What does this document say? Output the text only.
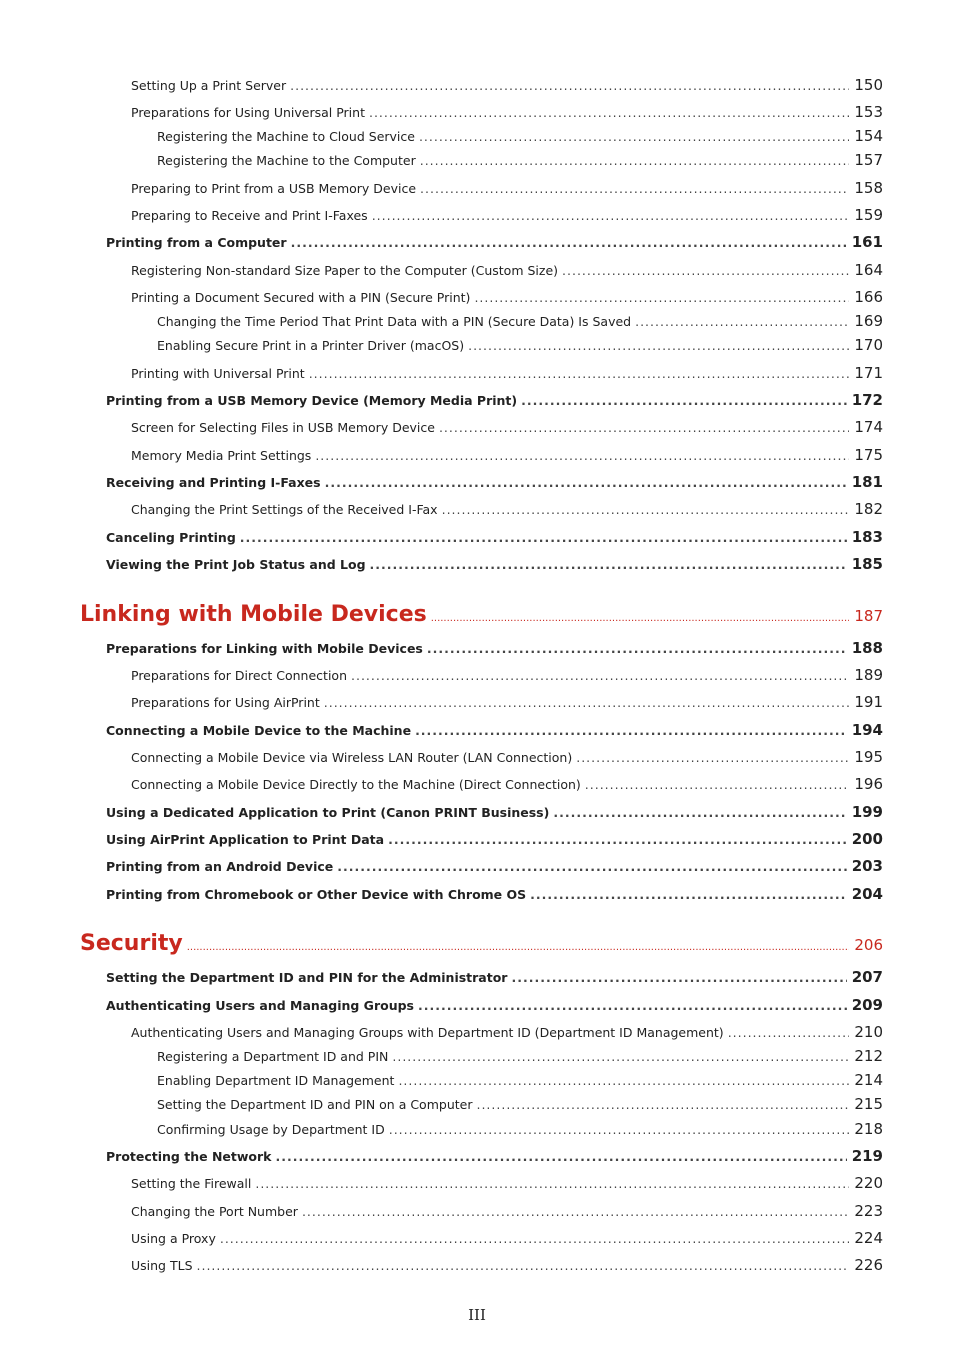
Setting Up a Print Server .....	150
Preparations for Using Universal Print .....	153
Registering the Machine to Cloud Service .....	154
Registering the Machine to the Computer .....	157
Preparing to Print from a USB Memory Device .....	158
Preparing to Receive and Print I-Faxes .....	159
Printing from a Computer .....	161
Registering Non-standard Size Paper to the Computer (Custom Size) .....	164
Printing a Document Secured with a PIN (Secure Print) .....	166
Changing the Time Period That Print Data with a PIN (Secure Data) Is Saved .....	169
Enabling Secure Print in a Printer Driver (macOS) .....	170
Printing with Universal Print .....	171
Printing from a USB Memory Device (Memory Media Print) .....	172
Screen for Selecting Files in USB Memory Device .....	174
Memory Media Print Settings .....	175
Receiving and Printing I-Faxes .....	181
Changing the Print Settings of the Received I-Fax .....	182
Canceling Printing .....	183
Viewing the Print Job Status and Log .....	185
Linking with Mobile Devices .....	187
Preparations for Linking with Mobile Devices .....	188
Preparations for Direct Connection .....	189
Preparations for Using AirPrint .....	191
Connecting a Mobile Device to the Machine .....	194
Connecting a Mobile Device via Wireless LAN Router (LAN Connection) .....	195
Connecting a Mobile Device Directly to the Machine (Direct Connection) .....	196
Using a Dedicated Application to Print (Canon PRINT Business) .....	199
Using AirPrint Application to Print Data .....	200
Printing from an Android Device .....	203
Printing from Chromebook or Other Device with Chrome OS .....	204
Security .....	206
Setting the Department ID and PIN for the Administrator .....	207
Authenticating Users and Managing Groups .....	209
Authenticating Users and Managing Groups with Department ID (Department ID Management) .....	210
Registering a Department ID and PIN .....	212
Enabling Department ID Management .....	214
Setting the Department ID and PIN on a Computer .....	215
Confirming Usage by Department ID .....	218
Protecting the Network .....	219
Setting the Firewall .....	220
Changing the Port Number .....	223
Using a Proxy .....	224
Using TLS .....	226
III
